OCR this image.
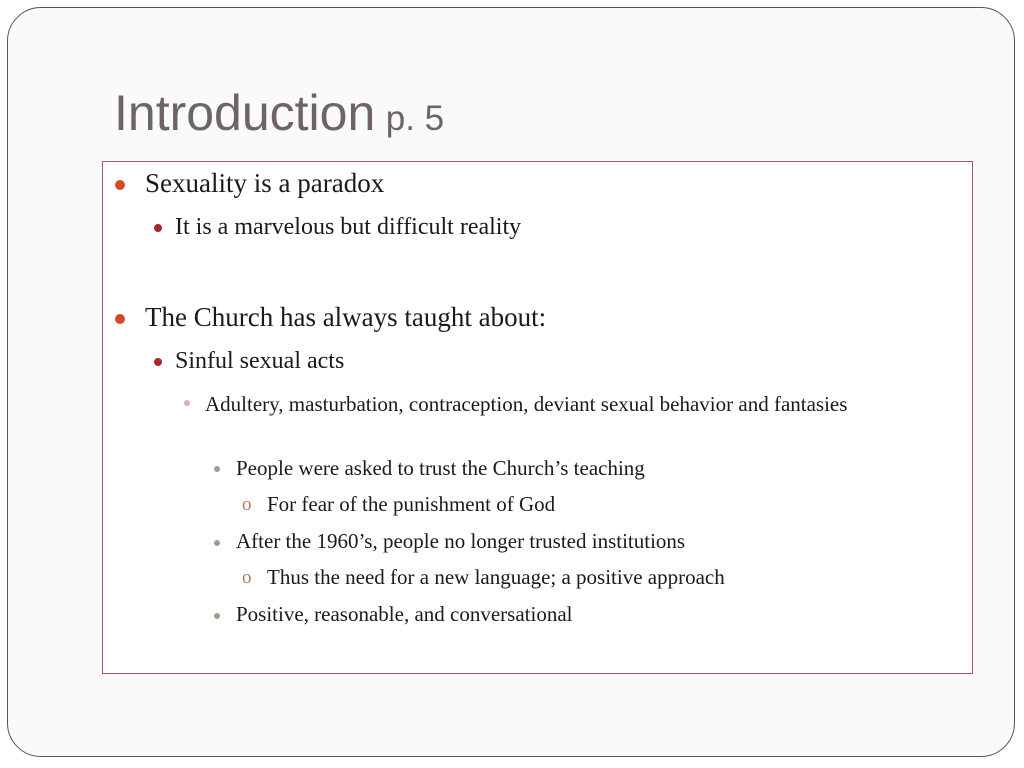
Introduction p. 5
Sexuality is a paradox
It is a marvelous but difficult reality
The Church has always taught about:
Sinful sexual acts
Adultery, masturbation, contraception, deviant sexual behavior and fantasies
People were asked to trust the Church’s teaching
o For fear of the punishment of God
After the 1960’s, people no longer trusted institutions
o Thus the need for a new language; a positive approach
Positive, reasonable, and conversational
